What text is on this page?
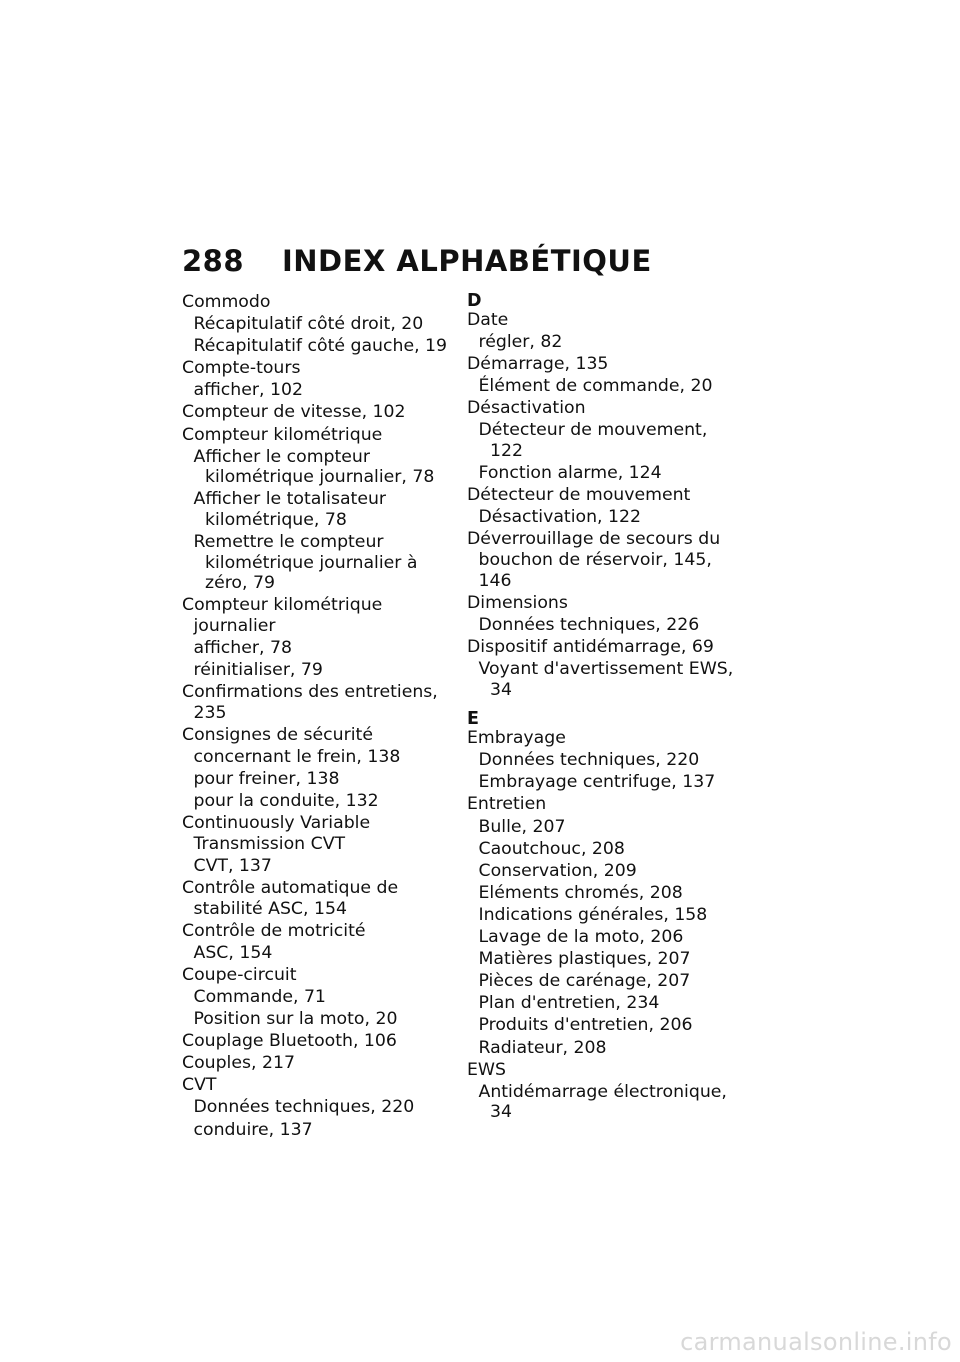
288	INDEX ALPHABÉTIQUE
Commodo
Récapitulatif côté droit, 20
Récapitulatif côté gauche, 19
Compte-tours
afficher, 102
Compteur de vitesse, 102
Compteur kilométrique
Afficher le compteur kilométrique journalier, 78
Afficher le totalisateur kilométrique, 78
Remettre le compteur kilométrique journalier à zéro, 79
Compteur kilométrique journalier
afficher, 78
réinitialiser, 79
Confirmations des entretiens, 235
Consignes de sécurité
concernant le frein, 138
pour freiner, 138
pour la conduite, 132
Continuously Variable Transmission CVT
CVT, 137
Contrôle automatique de stabilité ASC, 154
Contrôle de motricité
ASC, 154
Coupe-circuit
Commande, 71
Position sur la moto, 20
Couplage Bluetooth, 106
Couples, 217
CVT
Données techniques, 220
conduire, 137
D
Date
régler, 82
Démarrage, 135
Élément de commande, 20
Désactivation
Détecteur de mouvement, 122
Fonction alarme, 124
Détecteur de mouvement
Désactivation, 122
Déverrouillage de secours du bouchon de réservoir, 145, 146
Dimensions
Données techniques, 226
Dispositif antidémarrage, 69
Voyant d'avertissement EWS, 34
E
Embrayage
Données techniques, 220
Embrayage centrifuge, 137
Entretien
Bulle, 207
Caoutchouc, 208
Conservation, 209
Eléments chromés, 208
Indications générales, 158
Lavage de la moto, 206
Matières plastiques, 207
Pièces de carénage, 207
Plan d'entretien, 234
Produits d'entretien, 206
Radiateur, 208
EWS
Antidémarrage électronique, 34
carmanualsonline.info
